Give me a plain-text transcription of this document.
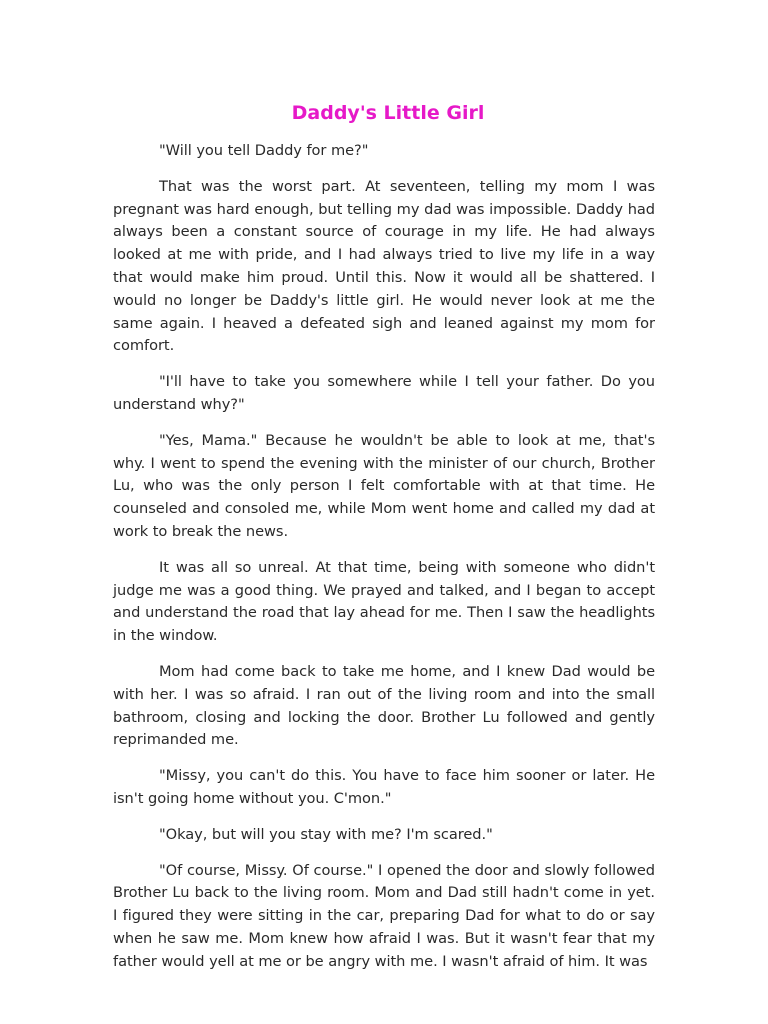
Daddy's Little Girl

"Will you tell Daddy for me?"

That was the worst part. At seventeen, telling my mom I was pregnant was hard enough, but telling my dad was impossible. Daddy had always been a constant source of courage in my life. He had always looked at me with pride, and I had always tried to live my life in a way that would make him proud. Until this. Now it would all be shattered. I would no longer be Daddy's little girl. He would never look at me the same again. I heaved a defeated sigh and leaned against my mom for comfort.

"I'll have to take you somewhere while I tell your father. Do you understand why?"

"Yes, Mama." Because he wouldn't be able to look at me, that's why. I went to spend the evening with the minister of our church, Brother Lu, who was the only person I felt comfortable with at that time. He counseled and consoled me, while Mom went home and called my dad at work to break the news.

It was all so unreal. At that time, being with someone who didn't judge me was a good thing. We prayed and talked, and I began to accept and understand the road that lay ahead for me. Then I saw the headlights in the window.

Mom had come back to take me home, and I knew Dad would be with her. I was so afraid. I ran out of the living room and into the small bathroom, closing and locking the door. Brother Lu followed and gently reprimanded me.

"Missy, you can't do this. You have to face him sooner or later. He isn't going home without you. C'mon."

"Okay, but will you stay with me? I'm scared."

"Of course, Missy. Of course." I opened the door and slowly followed Brother Lu back to the living room. Mom and Dad still hadn't come in yet. I figured they were sitting in the car, preparing Dad for what to do or say when he saw me. Mom knew how afraid I was. But it wasn't fear that my father would yell at me or be angry with me. I wasn't afraid of him. It was
